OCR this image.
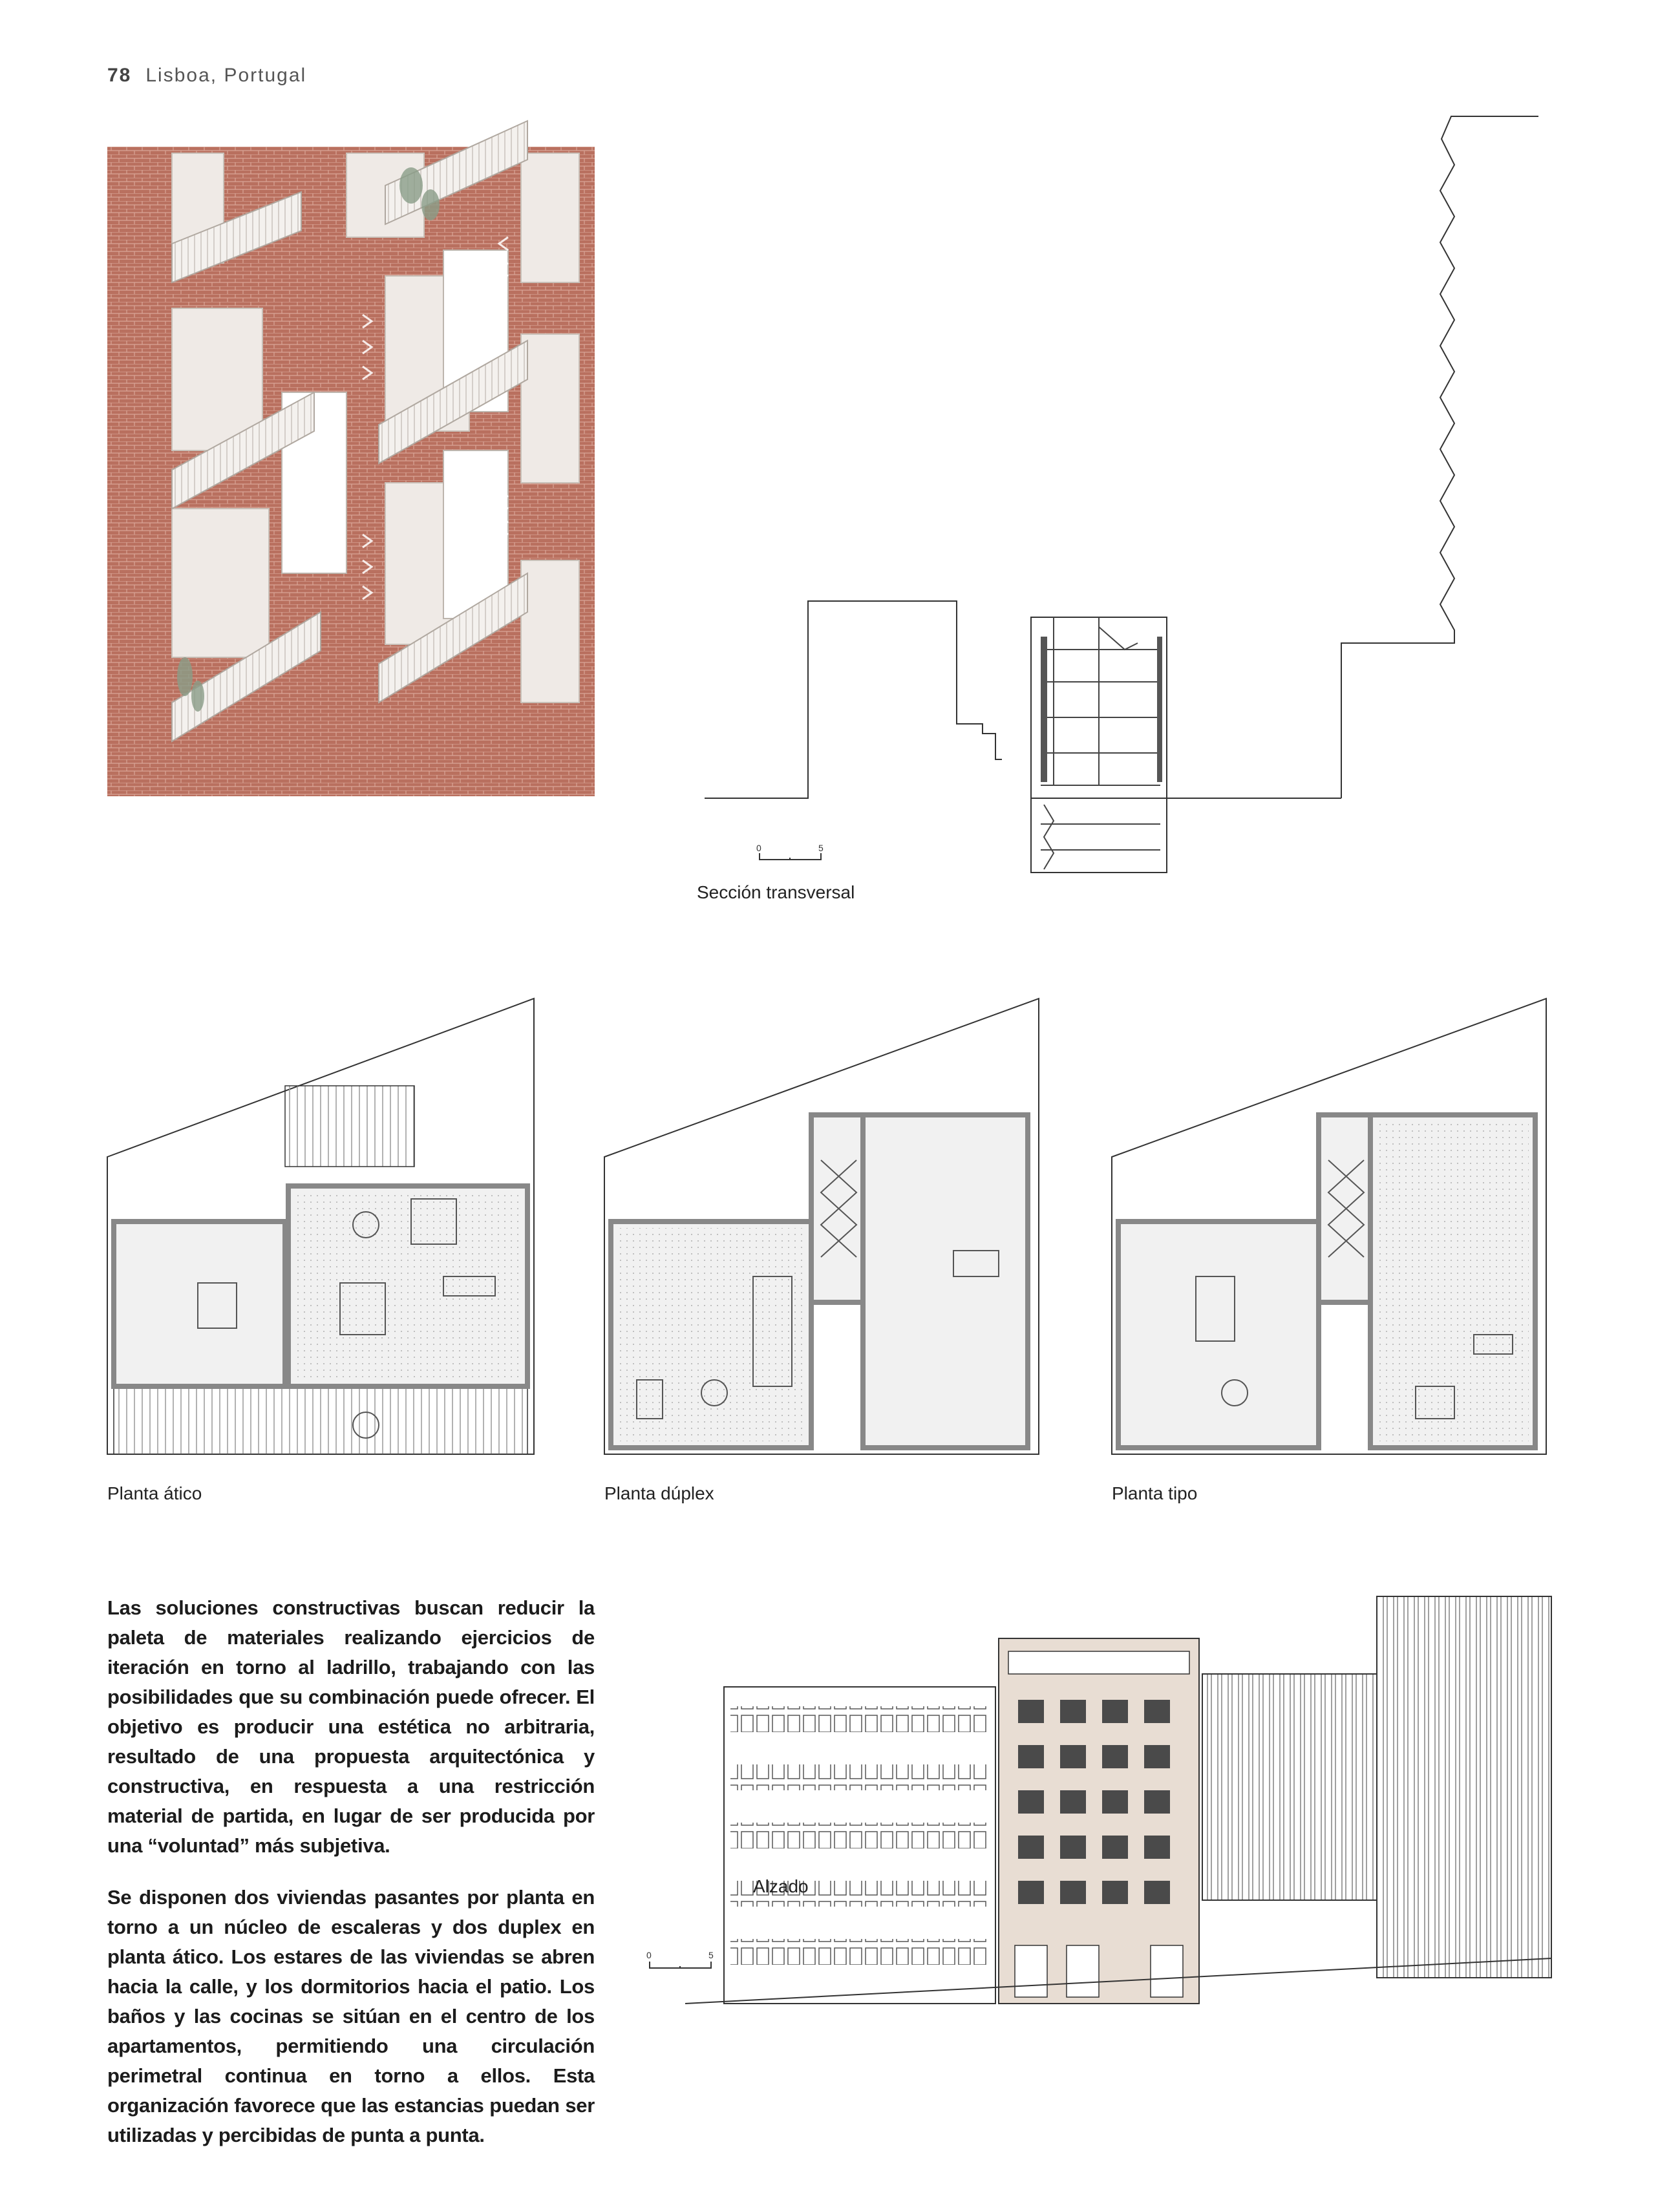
78 Lisboa, Portugal
0	5
Sección transversal
Planta ático	Planta dúplex	Planta tipo

Las soluciones constructivas buscan reducir la paleta de materiales realizando ejercicios de iteración en torno al ladrillo, trabajando con las posibilidades que su combinación puede ofrecer. El objetivo es producir una estética no arbitraria, resultado de una propuesta arquitectónica y constructiva, en respuesta a una restricción material de partida, en lugar de ser producida por una “voluntad” más subjetiva.

Se disponen dos viviendas pasantes por planta en torno a un núcleo de escaleras y dos duplex en planta ático. Los estares de las viviendas se abren hacia la calle, y los dormitorios hacia el patio. Los baños y las cocinas se sitúan en el centro de los apartamentos, permitiendo una circulación perimetral continua en torno a ellos. Esta organización favorece que las estancias puedan ser utilizadas y percibidas de punta a punta.

0	5
Alzado
